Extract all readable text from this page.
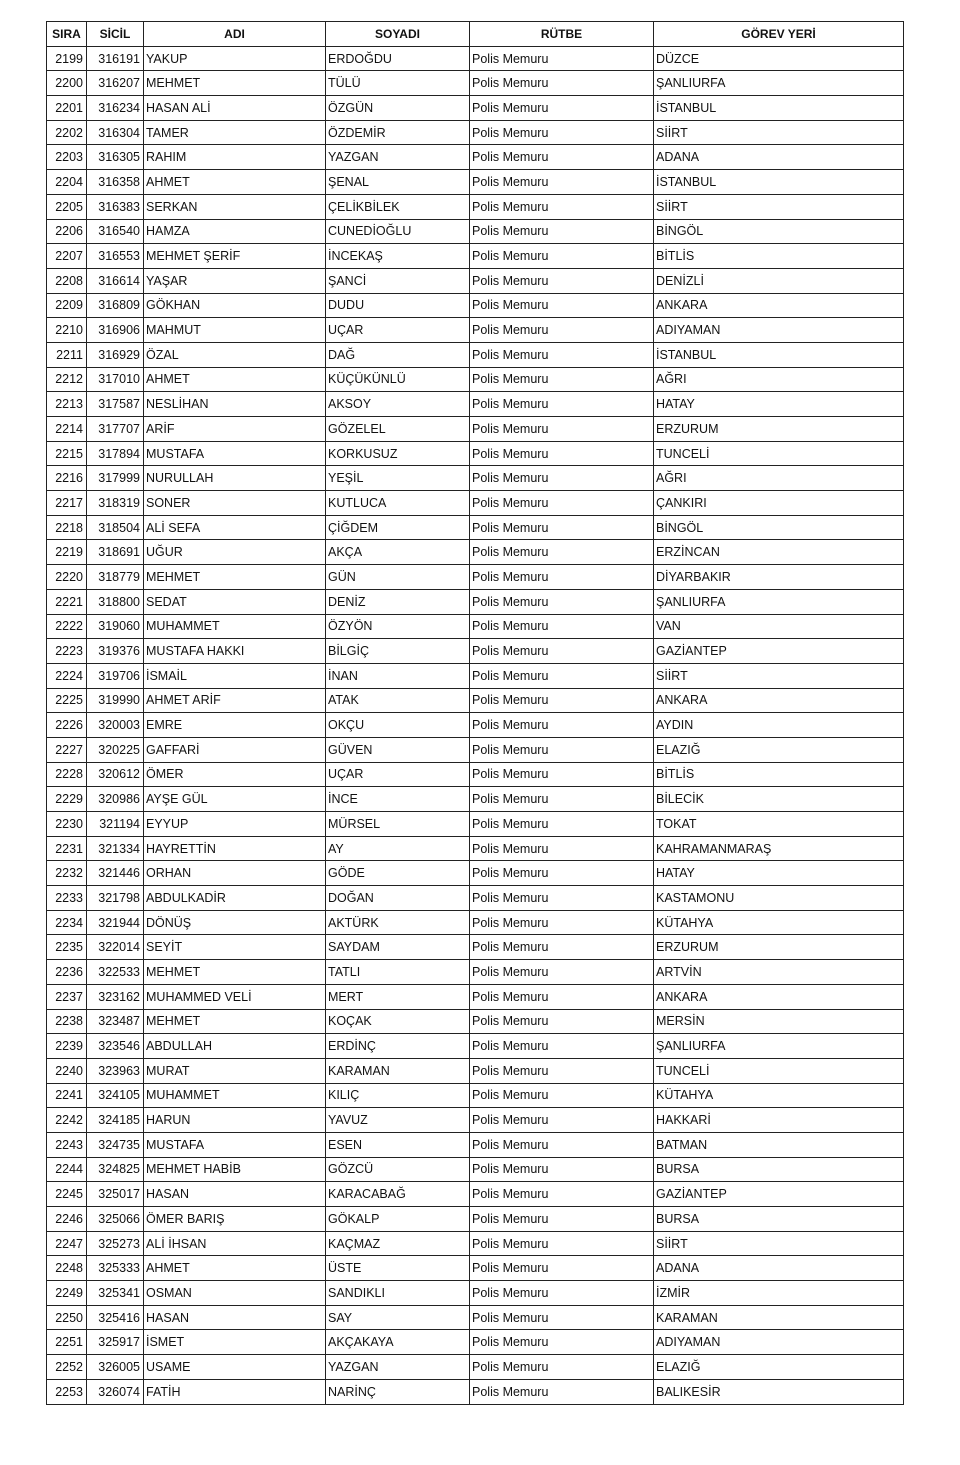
SIRA	SİCİL	ADI	SOYADI	RÜTBE	GÖREV YERİ
2199	316191	YAKUP	ERDOĞDU	Polis Memuru	DÜZCE
2200	316207	MEHMET	TÜLÜ	Polis Memuru	ŞANLIURFA
2201	316234	HASAN ALİ	ÖZGÜN	Polis Memuru	İSTANBUL
2202	316304	TAMER	ÖZDEMİR	Polis Memuru	SİİRT
2203	316305	RAHIM	YAZGAN	Polis Memuru	ADANA
2204	316358	AHMET	ŞENAL	Polis Memuru	İSTANBUL
2205	316383	SERKAN	ÇELİKBİLEK	Polis Memuru	SİİRT
2206	316540	HAMZA	CUNEDİOĞLU	Polis Memuru	BİNGÖL
2207	316553	MEHMET ŞERİF	İNCEKAŞ	Polis Memuru	BİTLİS
2208	316614	YAŞAR	ŞANCİ	Polis Memuru	DENİZLİ
2209	316809	GÖKHAN	DUDU	Polis Memuru	ANKARA
2210	316906	MAHMUT	UÇAR	Polis Memuru	ADIYAMAN
2211	316929	ÖZAL	DAĞ	Polis Memuru	İSTANBUL
2212	317010	AHMET	KÜÇÜKÜNLÜ	Polis Memuru	AĞRI
2213	317587	NESLİHAN	AKSOY	Polis Memuru	HATAY
2214	317707	ARİF	GÖZELEL	Polis Memuru	ERZURUM
2215	317894	MUSTAFA	KORKUSUZ	Polis Memuru	TUNCELİ
2216	317999	NURULLAH	YEŞİL	Polis Memuru	AĞRI
2217	318319	SONER	KUTLUCA	Polis Memuru	ÇANKIRI
2218	318504	ALİ SEFA	ÇİĞDEM	Polis Memuru	BİNGÖL
2219	318691	UĞUR	AKÇA	Polis Memuru	ERZİNCAN
2220	318779	MEHMET	GÜN	Polis Memuru	DİYARBAKIR
2221	318800	SEDAT	DENİZ	Polis Memuru	ŞANLIURFA
2222	319060	MUHAMMET	ÖZYÖN	Polis Memuru	VAN
2223	319376	MUSTAFA HAKKI	BİLGİÇ	Polis Memuru	GAZİANTEP
2224	319706	İSMAİL	İNAN	Polis Memuru	SİİRT
2225	319990	AHMET ARİF	ATAK	Polis Memuru	ANKARA
2226	320003	EMRE	OKÇU	Polis Memuru	AYDIN
2227	320225	GAFFARİ	GÜVEN	Polis Memuru	ELAZIĞ
2228	320612	ÖMER	UÇAR	Polis Memuru	BİTLİS
2229	320986	AYŞE GÜL	İNCE	Polis Memuru	BİLECİK
2230	321194	EYYUP	MÜRSEL	Polis Memuru	TOKAT
2231	321334	HAYRETTİN	AY	Polis Memuru	KAHRAMANMARAŞ
2232	321446	ORHAN	GÖDE	Polis Memuru	HATAY
2233	321798	ABDULKADİR	DOĞAN	Polis Memuru	KASTAMONU
2234	321944	DÖNÜŞ	AKTÜRK	Polis Memuru	KÜTAHYA
2235	322014	SEYİT	SAYDAM	Polis Memuru	ERZURUM
2236	322533	MEHMET	TATLI	Polis Memuru	ARTVİN
2237	323162	MUHAMMED VELİ	MERT	Polis Memuru	ANKARA
2238	323487	MEHMET	KOÇAK	Polis Memuru	MERSİN
2239	323546	ABDULLAH	ERDİNÇ	Polis Memuru	ŞANLIURFA
2240	323963	MURAT	KARAMAN	Polis Memuru	TUNCELİ
2241	324105	MUHAMMET	KILIÇ	Polis Memuru	KÜTAHYA
2242	324185	HARUN	YAVUZ	Polis Memuru	HAKKARİ
2243	324735	MUSTAFA	ESEN	Polis Memuru	BATMAN
2244	324825	MEHMET HABİB	GÖZCÜ	Polis Memuru	BURSA
2245	325017	HASAN	KARACABAĞ	Polis Memuru	GAZİANTEP
2246	325066	ÖMER BARIŞ	GÖKALP	Polis Memuru	BURSA
2247	325273	ALİ İHSAN	KAÇMAZ	Polis Memuru	SİİRT
2248	325333	AHMET	ÜSTE	Polis Memuru	ADANA
2249	325341	OSMAN	SANDIKLI	Polis Memuru	İZMİR
2250	325416	HASAN	SAY	Polis Memuru	KARAMAN
2251	325917	İSMET	AKÇAKAYA	Polis Memuru	ADIYAMAN
2252	326005	USAME	YAZGAN	Polis Memuru	ELAZIĞ
2253	326074	FATİH	NARİNÇ	Polis Memuru	BALIKESİR
